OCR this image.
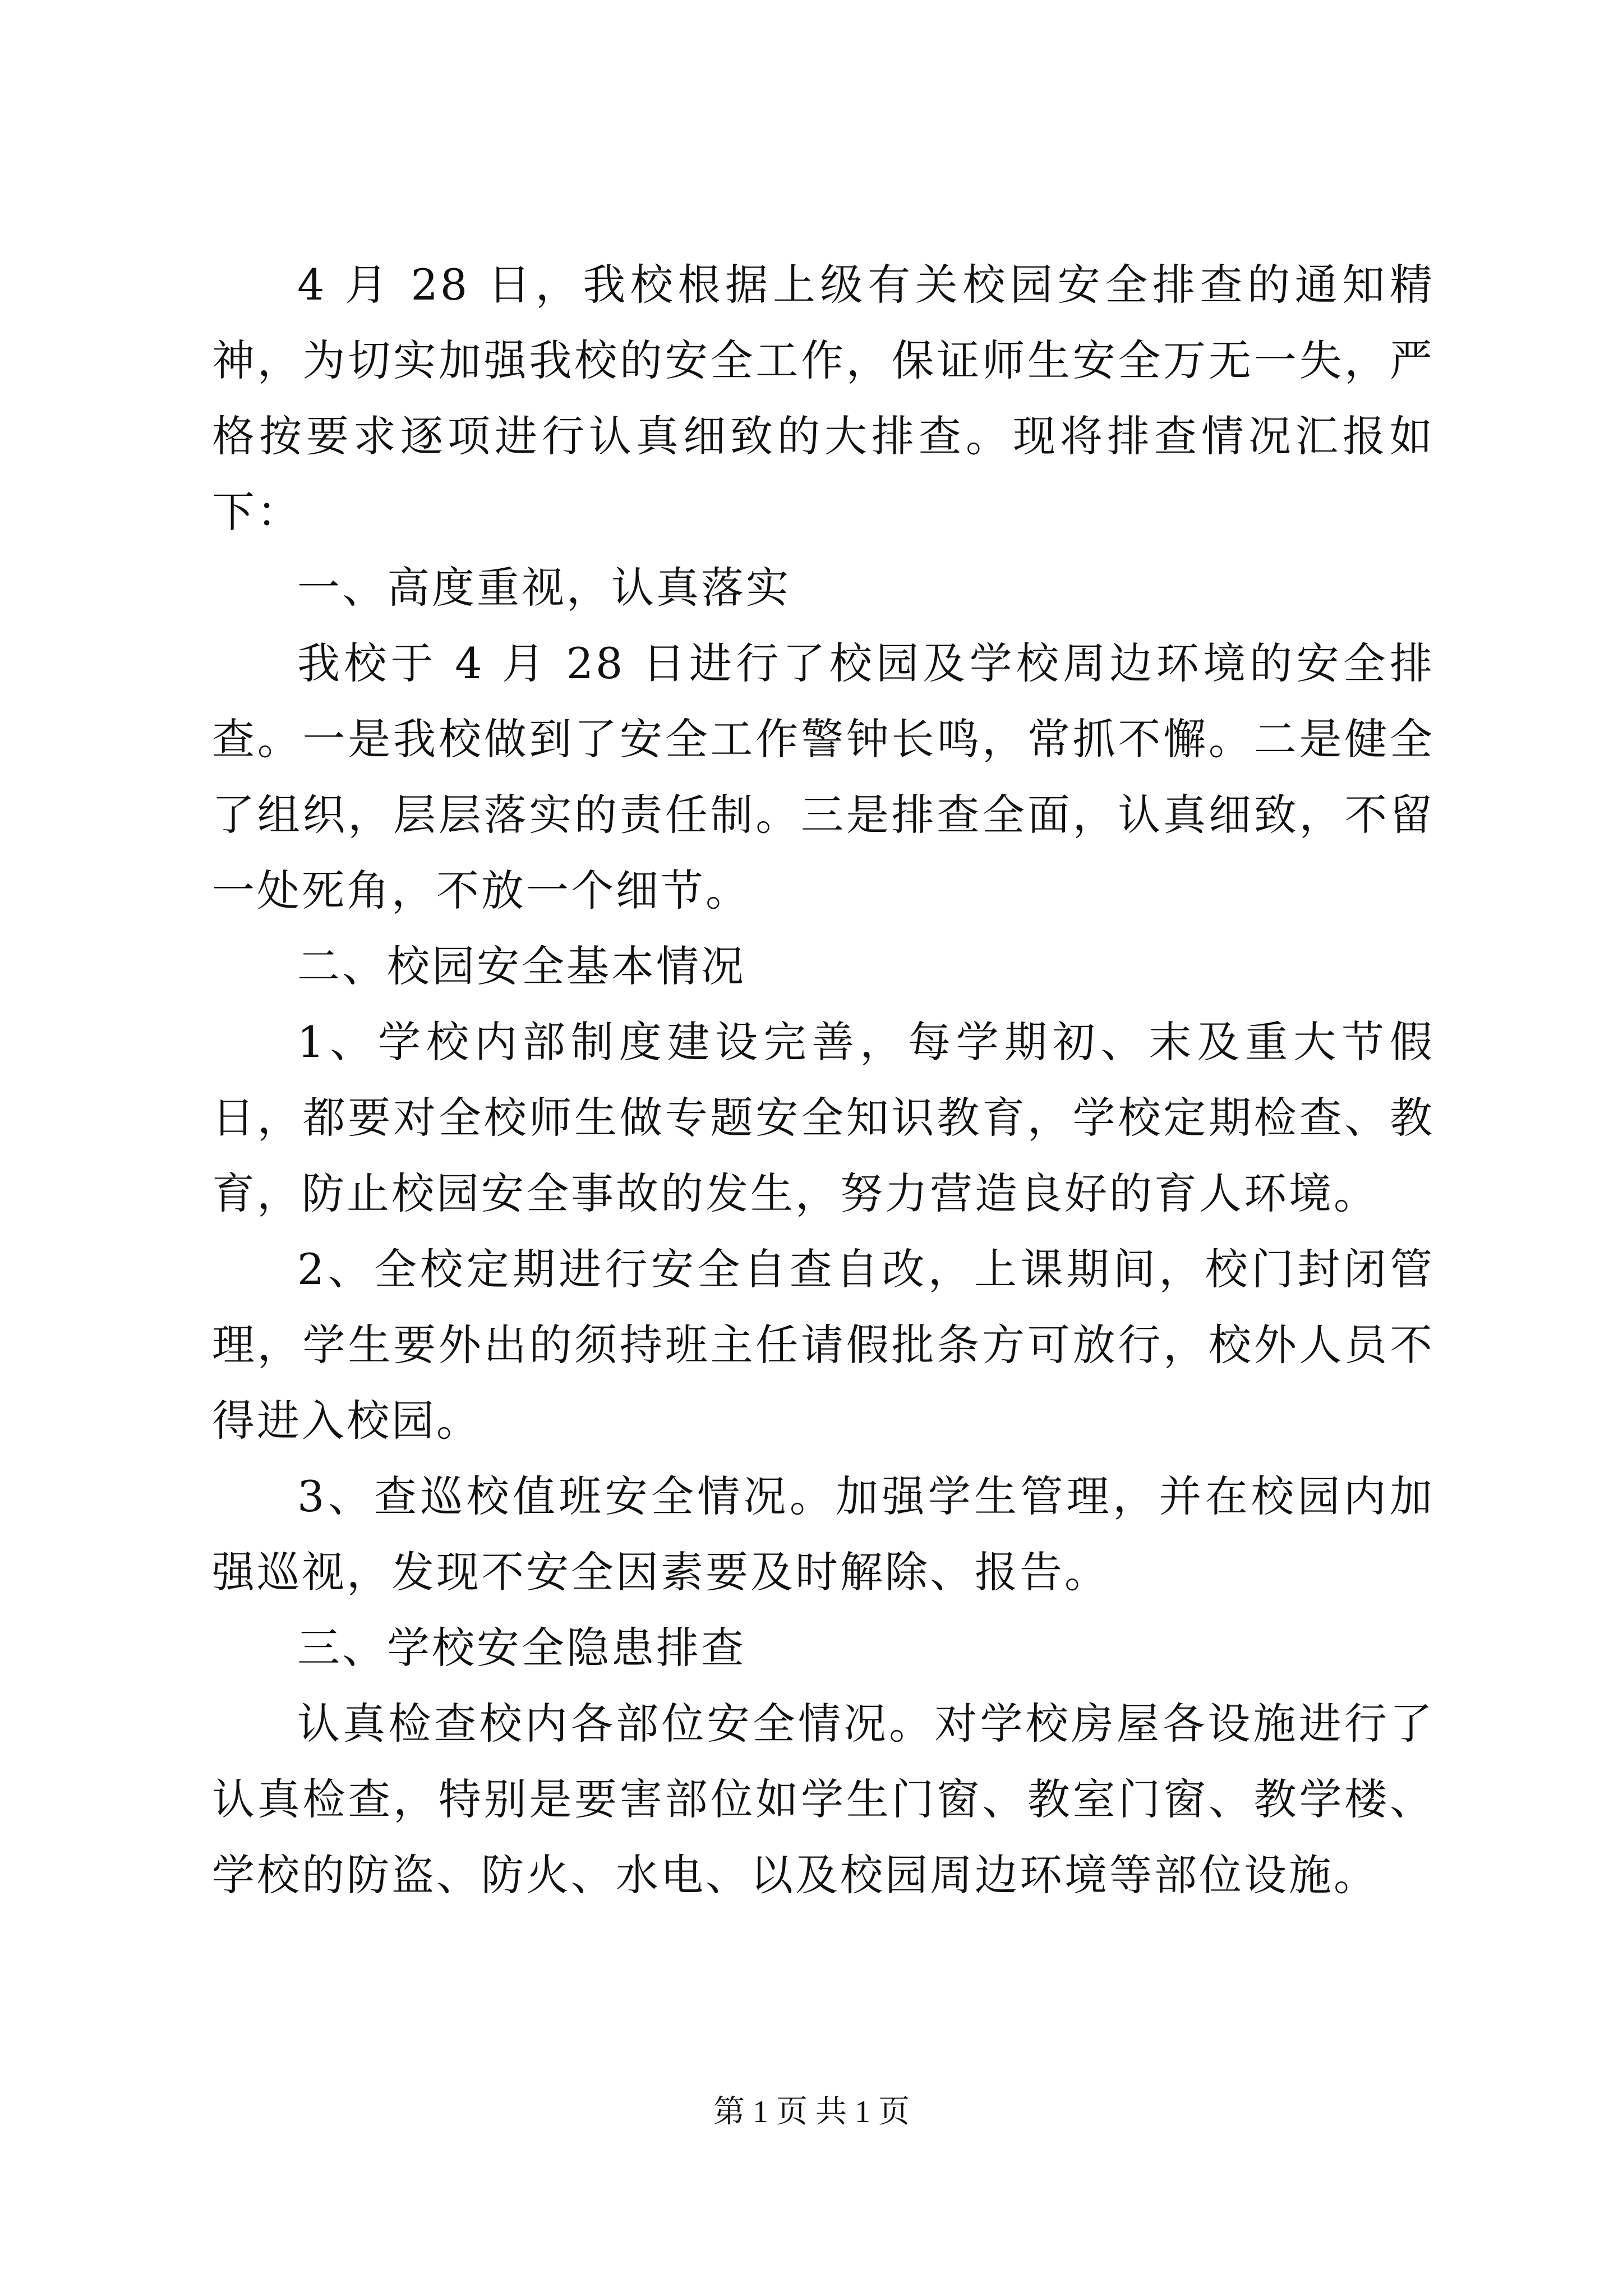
4 月 28 日，我校根据上级有关校园安全排查的通知精神，为切实加强我校的安全工作，保证师生安全万无一失，严格按要求逐项进行认真细致的大排查。现将排查情况汇报如下：

一、高度重视，认真落实

我校于 4 月 28 日进行了校园及学校周边环境的安全排查。一是我校做到了安全工作警钟长鸣，常抓不懈。二是健全了组织，层层落实的责任制。三是排查全面，认真细致，不留一处死角，不放一个细节。

二、校园安全基本情况

1、学校内部制度建设完善，每学期初、末及重大节假日，都要对全校师生做专题安全知识教育，学校定期检查、教育，防止校园安全事故的发生，努力营造良好的育人环境。

2、全校定期进行安全自查自改，上课期间，校门封闭管理，学生要外出的须持班主任请假批条方可放行，校外人员不得进入校园。

3、查巡校值班安全情况。加强学生管理，并在校园内加强巡视，发现不安全因素要及时解除、报告。

三、学校安全隐患排查

认真检查校内各部位安全情况。对学校房屋各设施进行了认真检查，特别是要害部位如学生门窗、教室门窗、教学楼、学校的防盗、防火、水电、以及校园周边环境等部位设施。

第 1 页 共 1 页
